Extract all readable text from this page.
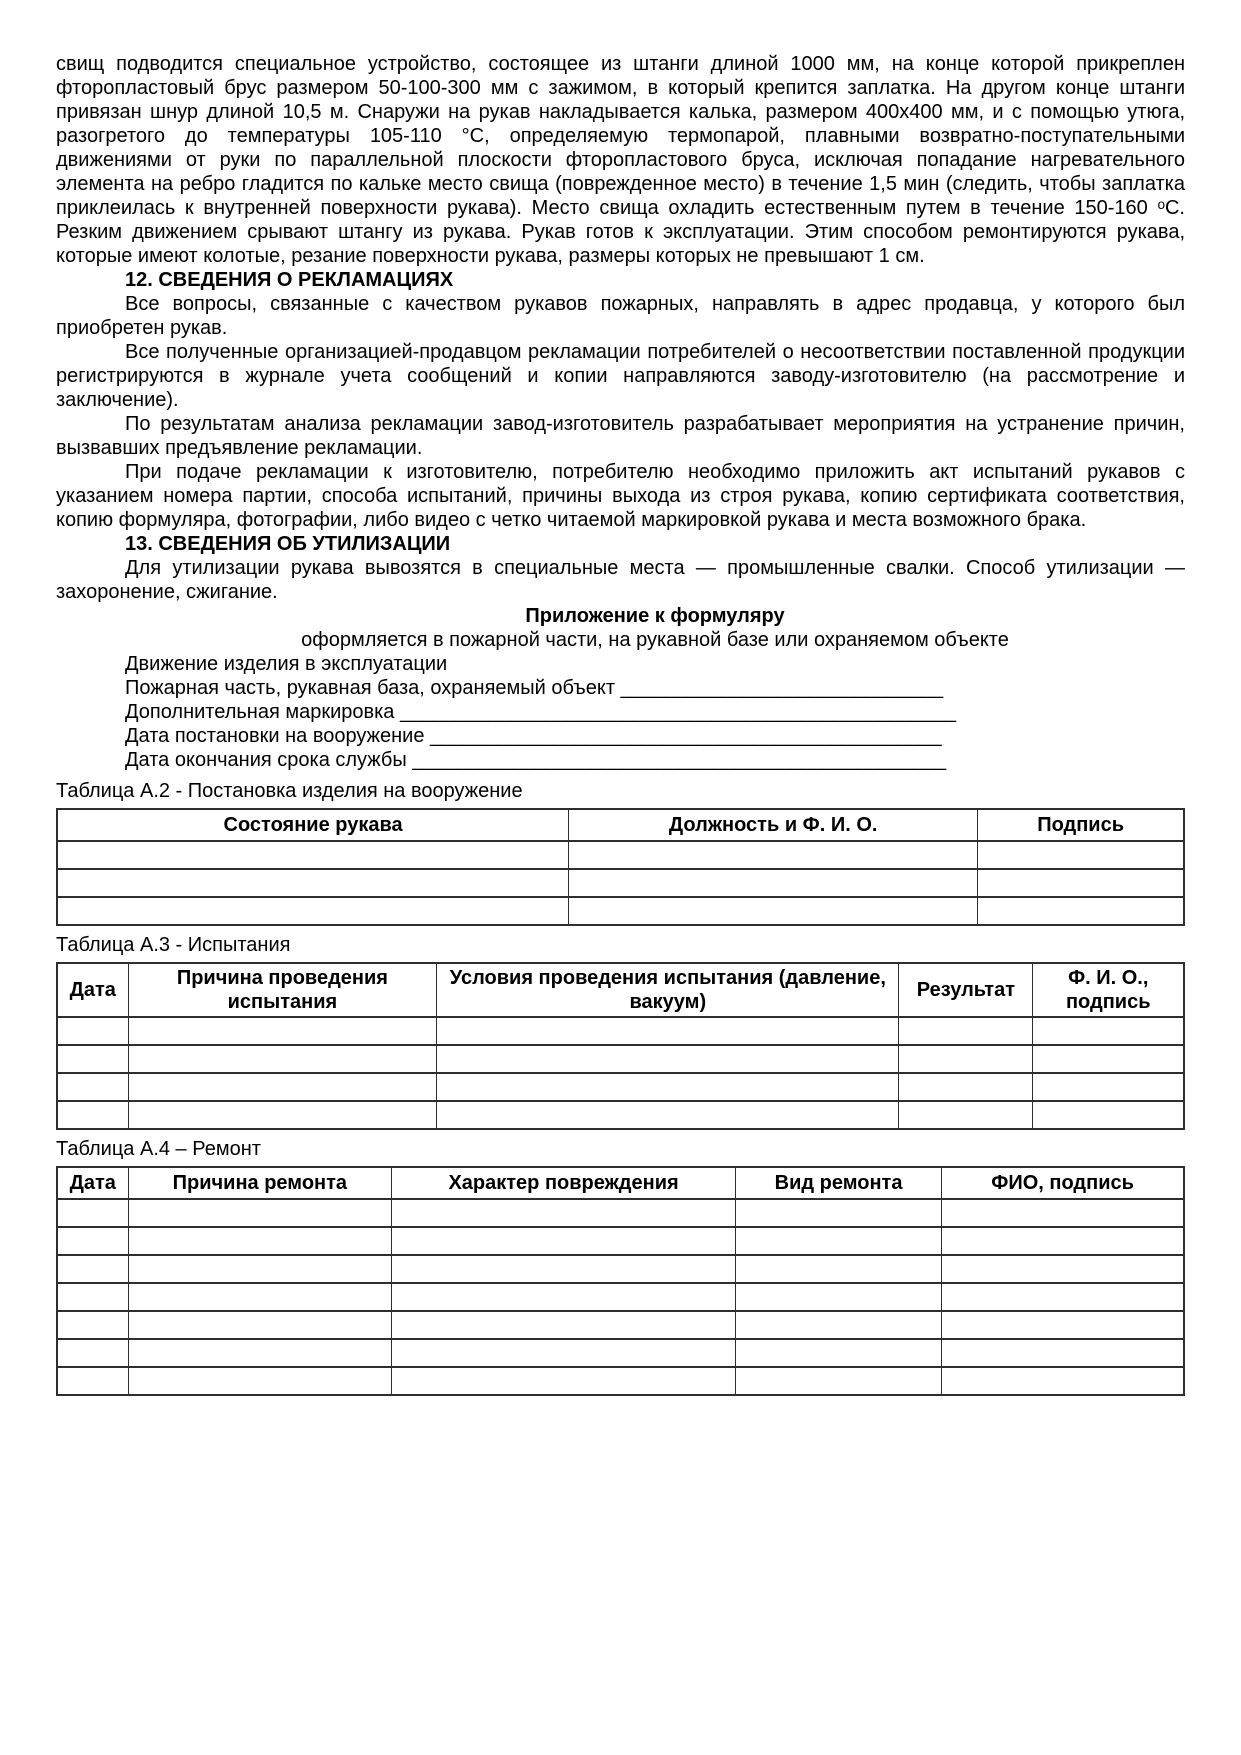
свищ подводится специальное устройство, состоящее из штанги длиной 1000 мм, на конце которой прикреплен фторопластовый брус размером 50-100-300 мм с зажимом, в который крепится заплатка. На другом конце штанги привязан шнур длиной 10,5 м. Снаружи на рукав накладывается калька, размером 400х400 мм, и с помощью утюга, разогретого до температуры 105-110 °С, определяемую термопарой, плавными возвратно-поступательными движениями от руки по параллельной плоскости фторопластового бруса, исключая попадание нагревательного элемента на ребро гладится по кальке место свища (поврежденное место) в течение 1,5 мин (следить, чтобы заплатка приклеилась к внутренней поверхности рукава). Место свища охладить естественным путем в течение 150-160 ᵒС. Резким движением срывают штангу из рукава. Рукав готов к эксплуатации. Этим способом ремонтируются рукава, которые имеют колотые, резание поверхности рукава, размеры которых не превышают 1 см.

12. СВЕДЕНИЯ О РЕКЛАМАЦИЯХ

Все вопросы, связанные с качеством рукавов пожарных, направлять в адрес продавца, у которого был приобретен рукав.

Все полученные организацией-продавцом рекламации потребителей о несоответствии поставленной продукции регистрируются в журнале учета сообщений и копии направляются заводу-изготовителю (на рассмотрение и заключение).

По результатам анализа рекламации завод-изготовитель разрабатывает мероприятия на устранение причин, вызвавших предъявление рекламации.

При подаче рекламации к изготовителю, потребителю необходимо приложить акт испытаний рукавов с указанием номера партии, способа испытаний, причины выхода из строя рукава, копию сертификата соответствия, копию формуляра, фотографии, либо видео с четко читаемой маркировкой рукава и места возможного брака.

13. СВЕДЕНИЯ ОБ УТИЛИЗАЦИИ

Для утилизации рукава вывозятся в специальные места — промышленные свалки. Способ утилизации — захоронение, сжигание.

Приложение к формуляру

оформляется в пожарной части, на рукавной базе или охраняемом объекте

Движение изделия в эксплуатации

Пожарная часть, рукавная база, охраняемый объект _____________________________

Дополнительная маркировка __________________________________________________

Дата постановки на вооружение ______________________________________________

Дата окончания срока службы ________________________________________________

Таблица А.2 - Постановка изделия на вооружение

Состояние рукава	Должность и Ф. И. О.	Подпись

Таблица А.3 - Испытания

Дата	Причина проведения испытания	Условия проведения испытания (давление, вакуум)	Результат	Ф. И. О., подпись

Таблица А.4 – Ремонт

Дата	Причина ремонта	Характер повреждения	Вид ремонта	ФИО, подпись
